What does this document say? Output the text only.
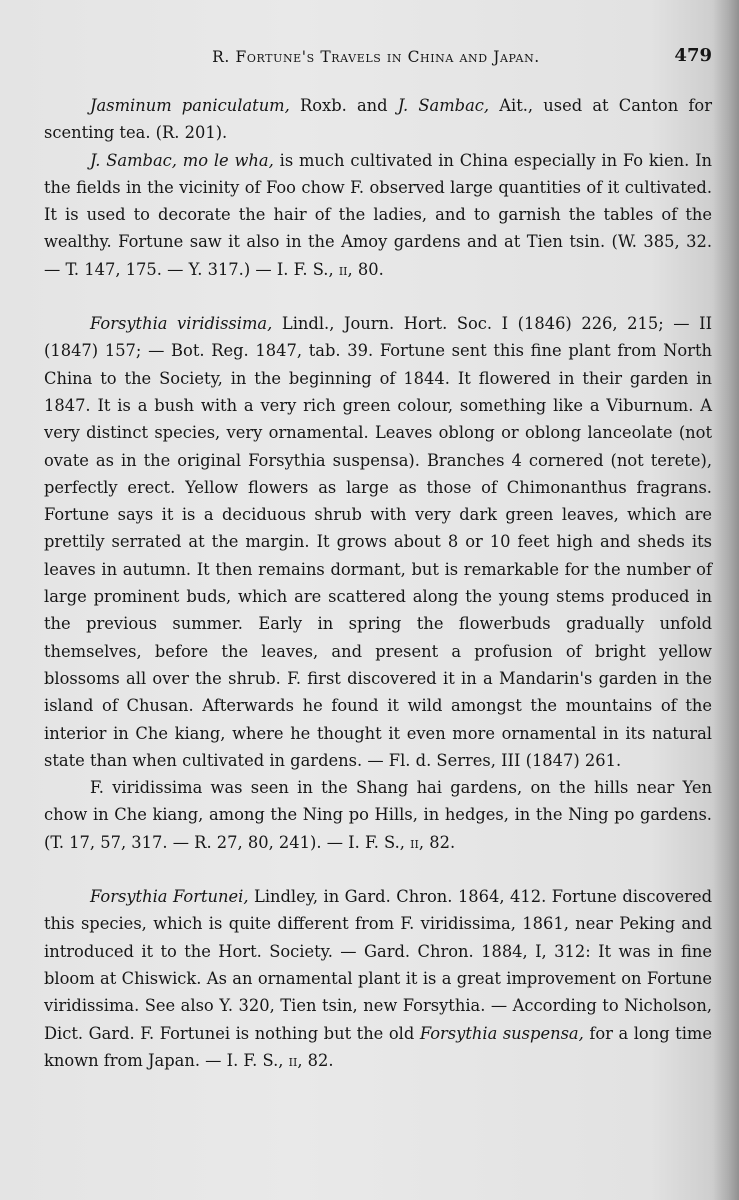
R. Fortune's Travels in China and Japan.	479

Jasminum paniculatum, Roxb. and J. Sambac, Ait., used at Canton for scenting tea. (R. 201).

J. Sambac, mo le wha, is much cultivated in China especially in Fo kien. In the fields in the vicinity of Foo chow F. observed large quantities of it cultivated. It is used to decorate the hair of the ladies, and to garnish the tables of the wealthy. Fortune saw it also in the Amoy gardens and at Tien tsin. (W. 385, 32. — T. 147, 175. — Y. 317.) — I. F. S., ii, 80.

Forsythia viridissima, Lindl., Journ. Hort. Soc. I (1846) 226, 215; — II (1847) 157; — Bot. Reg. 1847, tab. 39. Fortune sent this fine plant from North China to the Society, in the beginning of 1844. It flowered in their garden in 1847. It is a bush with a very rich green colour, something like a Viburnum. A very distinct species, very ornamental. Leaves oblong or oblong lanceolate (not ovate as in the original Forsythia suspensa). Branches 4 cornered (not terete), perfectly erect. Yellow flowers as large as those of Chimonanthus fragrans. Fortune says it is a deciduous shrub with very dark green leaves, which are prettily serrated at the margin. It grows about 8 or 10 feet high and sheds its leaves in autumn. It then remains dormant, but is remarkable for the number of large prominent buds, which are scattered along the young stems produced in the previous summer. Early in spring the flowerbuds gradually unfold themselves, before the leaves, and present a profusion of bright yellow blossoms all over the shrub. F. first discovered it in a Mandarin's garden in the island of Chusan. Afterwards he found it wild amongst the mountains of the interior in Che kiang, where he thought it even more ornamental in its natural state than when cultivated in gardens. — Fl. d. Serres, III (1847) 261.

F. viridissima was seen in the Shang hai gardens, on the hills near Yen chow in Che kiang, among the Ning po Hills, in hedges, in the Ning po gardens. (T. 17, 57, 317. — R. 27, 80, 241). — I. F. S., ii, 82.

Forsythia Fortunei, Lindley, in Gard. Chron. 1864, 412. Fortune discovered this species, which is quite different from F. viridissima, 1861, near Peking and introduced it to the Hort. Society. — Gard. Chron. 1884, I, 312: It was in fine bloom at Chiswick. As an ornamental plant it is a great improvement on Fortune viridissima. See also Y. 320, Tien tsin, new Forsythia. — According to Nicholson, Dict. Gard. F. Fortunei is nothing but the old Forsythia suspensa, for a long time known from Japan. — I. F. S., ii, 82.
